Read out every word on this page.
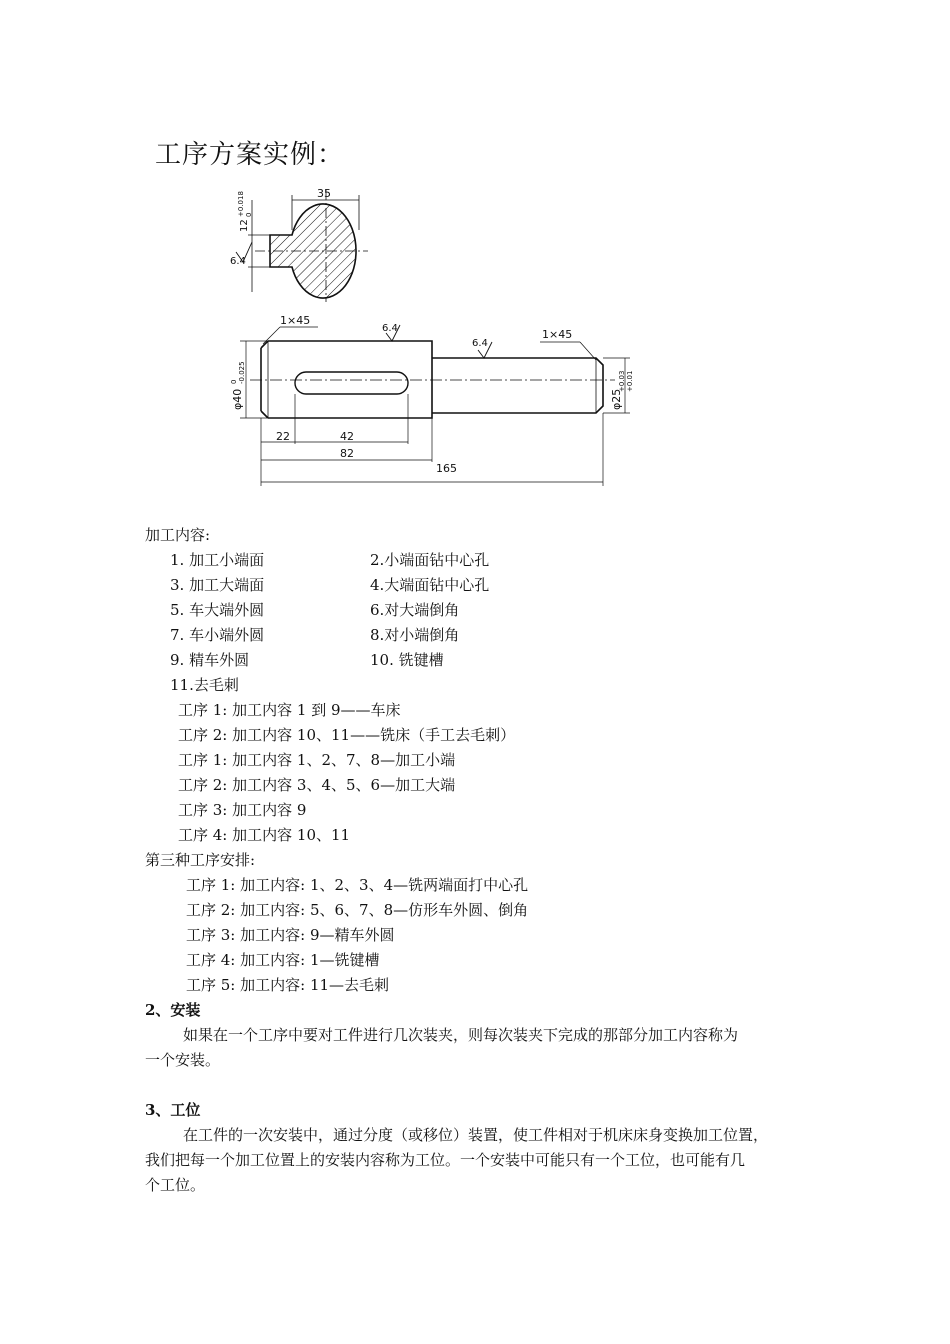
工序方案实例：
35
12
+0.018 0
6.4
1×45
1×45
6.4
6.4
φ40
0 -0.025
φ25
+0.03 +0.01
22	42
82
165
加工内容:
1. 加工小端面	2.小端面钻中心孔
3. 加工大端面	4.大端面钻中心孔
5. 车大端外圆	6.对大端倒角
7. 车小端外圆	8.对小端倒角
9. 精车外圆	10. 铣键槽
11.去毛刺
工序 1: 加工内容 1 到 9——车床
工序 2: 加工内容 10、11——铣床（手工去毛刺）
工序 1: 加工内容 1、2、7、8—加工小端
工序 2: 加工内容 3、4、5、6—加工大端
工序 3: 加工内容 9
工序 4: 加工内容 10、11
第三种工序安排:
工序 1: 加工内容: 1、2、3、4—铣两端面打中心孔
工序 2: 加工内容: 5、6、7、8—仿形车外圆、倒角
工序 3: 加工内容: 9—精车外圆
工序 4: 加工内容: 1—铣键槽
工序 5: 加工内容: 11—去毛刺
2、安装
如果在一个工序中要对工件进行几次装夹，则每次装夹下完成的那部分加工内容称为
一个安装。
3、工位
在工件的一次安装中，通过分度（或移位）装置，使工件相对于机床床身变换加工位置，
我们把每一个加工位置上的安装内容称为工位。一个安装中可能只有一个工位，也可能有几
个工位。
